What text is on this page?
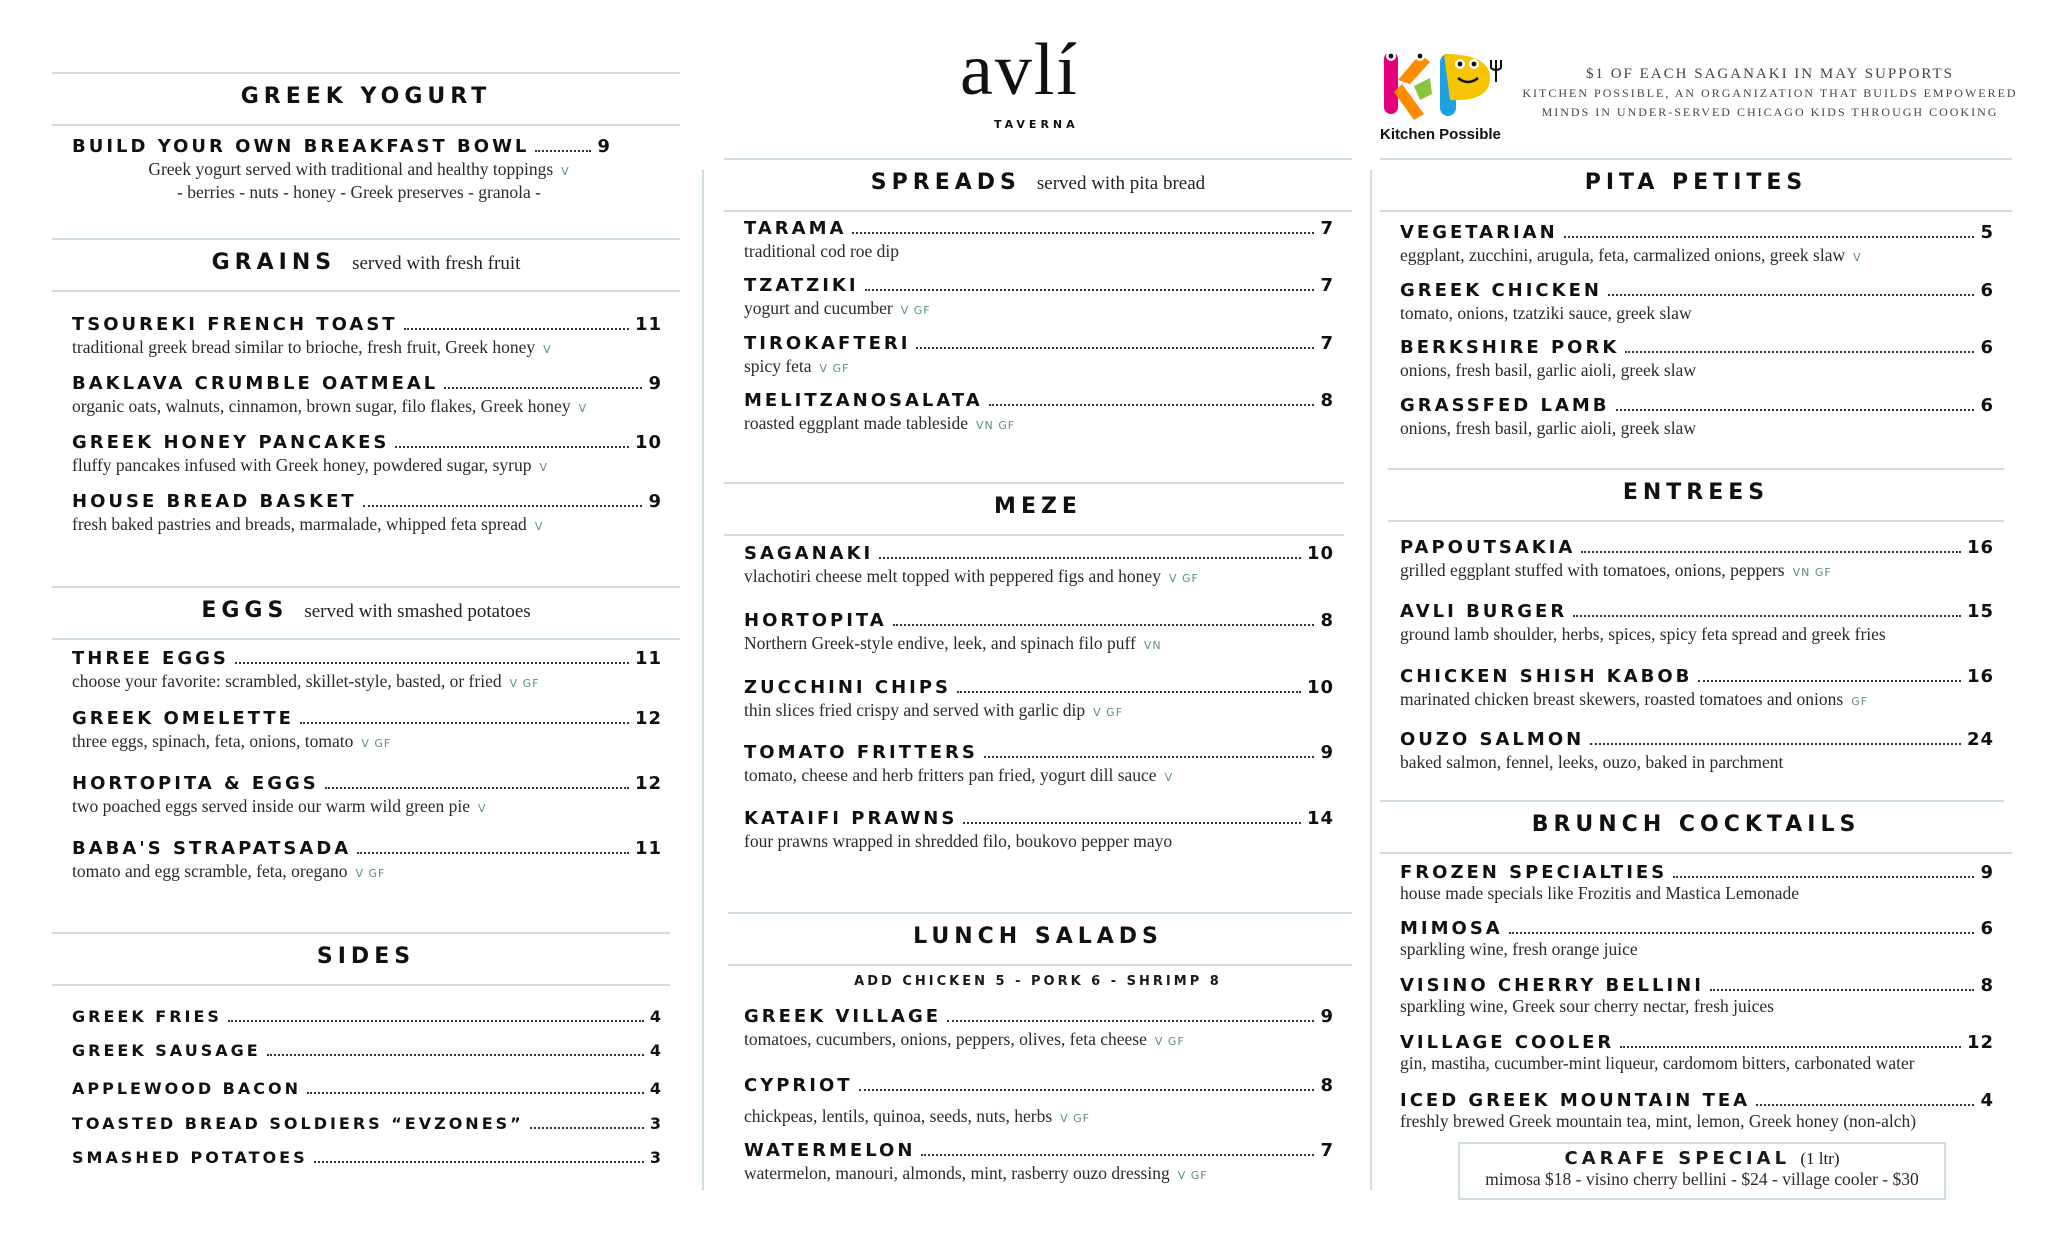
avlí
TAVERNA
Kitchen Possible
$1 OF EACH SAGANAKI IN MAY SUPPORTS
KITCHEN POSSIBLE, AN ORGANIZATION THAT BUILDS EMPOWERED
MINDS IN UNDER-SERVED CHICAGO KIDS THROUGH COOKING
GREEK YOGURT
BUILD YOUR OWN BREAKFAST BOWL	9
Greek yogurt served with traditional and healthy toppings V
- berries - nuts - honey - Greek preserves - granola -
GRAINS served with fresh fruit
TSOUREKI FRENCH TOAST	11
traditional greek bread similar to brioche, fresh fruit, Greek honey V
BAKLAVA CRUMBLE OATMEAL	9
organic oats, walnuts, cinnamon, brown sugar, filo flakes, Greek honey V
GREEK HONEY PANCAKES	10
fluffy pancakes infused with Greek honey, powdered sugar, syrup V
HOUSE BREAD BASKET	9
fresh baked pastries and breads, marmalade, whipped feta spread V
EGGS served with smashed potatoes
THREE EGGS	11
choose your favorite: scrambled, skillet-style, basted, or fried V GF
GREEK OMELETTE	12
three eggs, spinach, feta, onions, tomato V GF
HORTOPITA & EGGS	12
two poached eggs served inside our warm wild green pie V
BABA'S STRAPATSADA	11
tomato and egg scramble, feta, oregano V GF
SIDES
GREEK FRIES	4
GREEK SAUSAGE	4
APPLEWOOD BACON	4
TOASTED BREAD SOLDIERS “EVZONES”	3
SMASHED POTATOES	3
SPREADS served with pita bread
TARAMA	7
traditional cod roe dip
TZATZIKI	7
yogurt and cucumber V GF
TIROKAFTERI	7
spicy feta V GF
MELITZANOSALATA	8
roasted eggplant made tableside VN GF
MEZE
SAGANAKI	10
vlachotiri cheese melt topped with peppered figs and honey V GF
HORTOPITA	8
Northern Greek-style endive, leek, and spinach filo puff VN
ZUCCHINI CHIPS	10
thin slices fried crispy and served with garlic dip V GF
TOMATO FRITTERS	9
tomato, cheese and herb fritters pan fried, yogurt dill sauce V
KATAIFI PRAWNS	14
four prawns wrapped in shredded filo, boukovo pepper mayo
LUNCH SALADS
ADD CHICKEN 5 - PORK 6 - SHRIMP 8
GREEK VILLAGE	9
tomatoes, cucumbers, onions, peppers, olives, feta cheese V GF
CYPRIOT	8
chickpeas, lentils, quinoa, seeds, nuts, herbs V GF
WATERMELON	7
watermelon, manouri, almonds, mint, rasberry ouzo dressing V GF
PITA PETITES
VEGETARIAN	5
eggplant, zucchini, arugula, feta, carmalized onions, greek slaw V
GREEK CHICKEN	6
tomato, onions, tzatziki sauce, greek slaw
BERKSHIRE PORK	6
onions, fresh basil, garlic aioli, greek slaw
GRASSFED LAMB	6
onions, fresh basil, garlic aioli, greek slaw
ENTREES
PAPOUTSAKIA	16
grilled eggplant stuffed with tomatoes, onions, peppers VN GF
AVLI BURGER	15
ground lamb shoulder, herbs, spices, spicy feta spread and greek fries
CHICKEN SHISH KABOB	16
marinated chicken breast skewers, roasted tomatoes and onions GF
OUZO SALMON	24
baked salmon, fennel, leeks, ouzo, baked in parchment
BRUNCH COCKTAILS
FROZEN SPECIALTIES	9
house made specials like Frozitis and Mastica Lemonade
MIMOSA	6
sparkling wine, fresh orange juice
VISINO CHERRY BELLINI	8
sparkling wine, Greek sour cherry nectar, fresh juices
VILLAGE COOLER	12
gin, mastiha, cucumber-mint liqueur, cardomom bitters, carbonated water
ICED GREEK MOUNTAIN TEA	4
freshly brewed Greek mountain tea, mint, lemon, Greek honey (non-alch)
CARAFE SPECIAL (1 ltr)
mimosa $18 - visino cherry bellini - $24 - village cooler - $30
